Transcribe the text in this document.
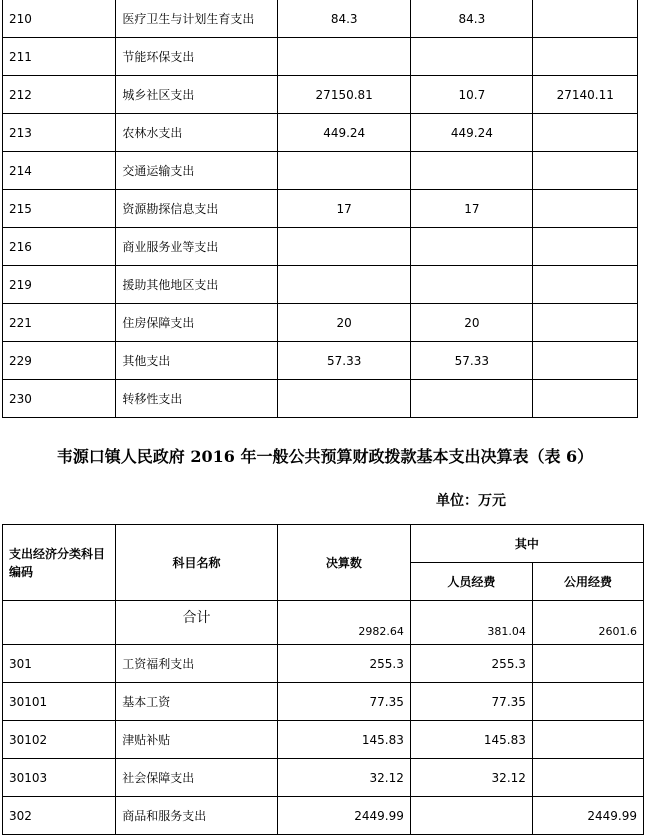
210	医疗卫生与计划生育支出	84.3	84.3	
211	节能环保支出			
212	城乡社区支出	27150.81	10.7	27140.11
213	农林水支出	449.24	449.24	
214	交通运输支出			
215	资源勘探信息支出	17	17	
216	商业服务业等支出			
219	援助其他地区支出			
221	住房保障支出	20	20	
229	其他支出	57.33	57.33	
230	转移性支出			
韦源口镇人民政府 2016 年一般公共预算财政拨款基本支出决算表（表 6）
单位：万元
支出经济分类科目编码	科目名称	决算数	其中	
			人员经费	公用经费
	合计	2982.64	381.04	2601.6
301	工资福利支出	255.3	255.3	
30101	基本工资	77.35	77.35	
30102	津贴补贴	145.83	145.83	
30103	社会保障支出	32.12	32.12	
302	商品和服务支出	2449.99		2449.99
